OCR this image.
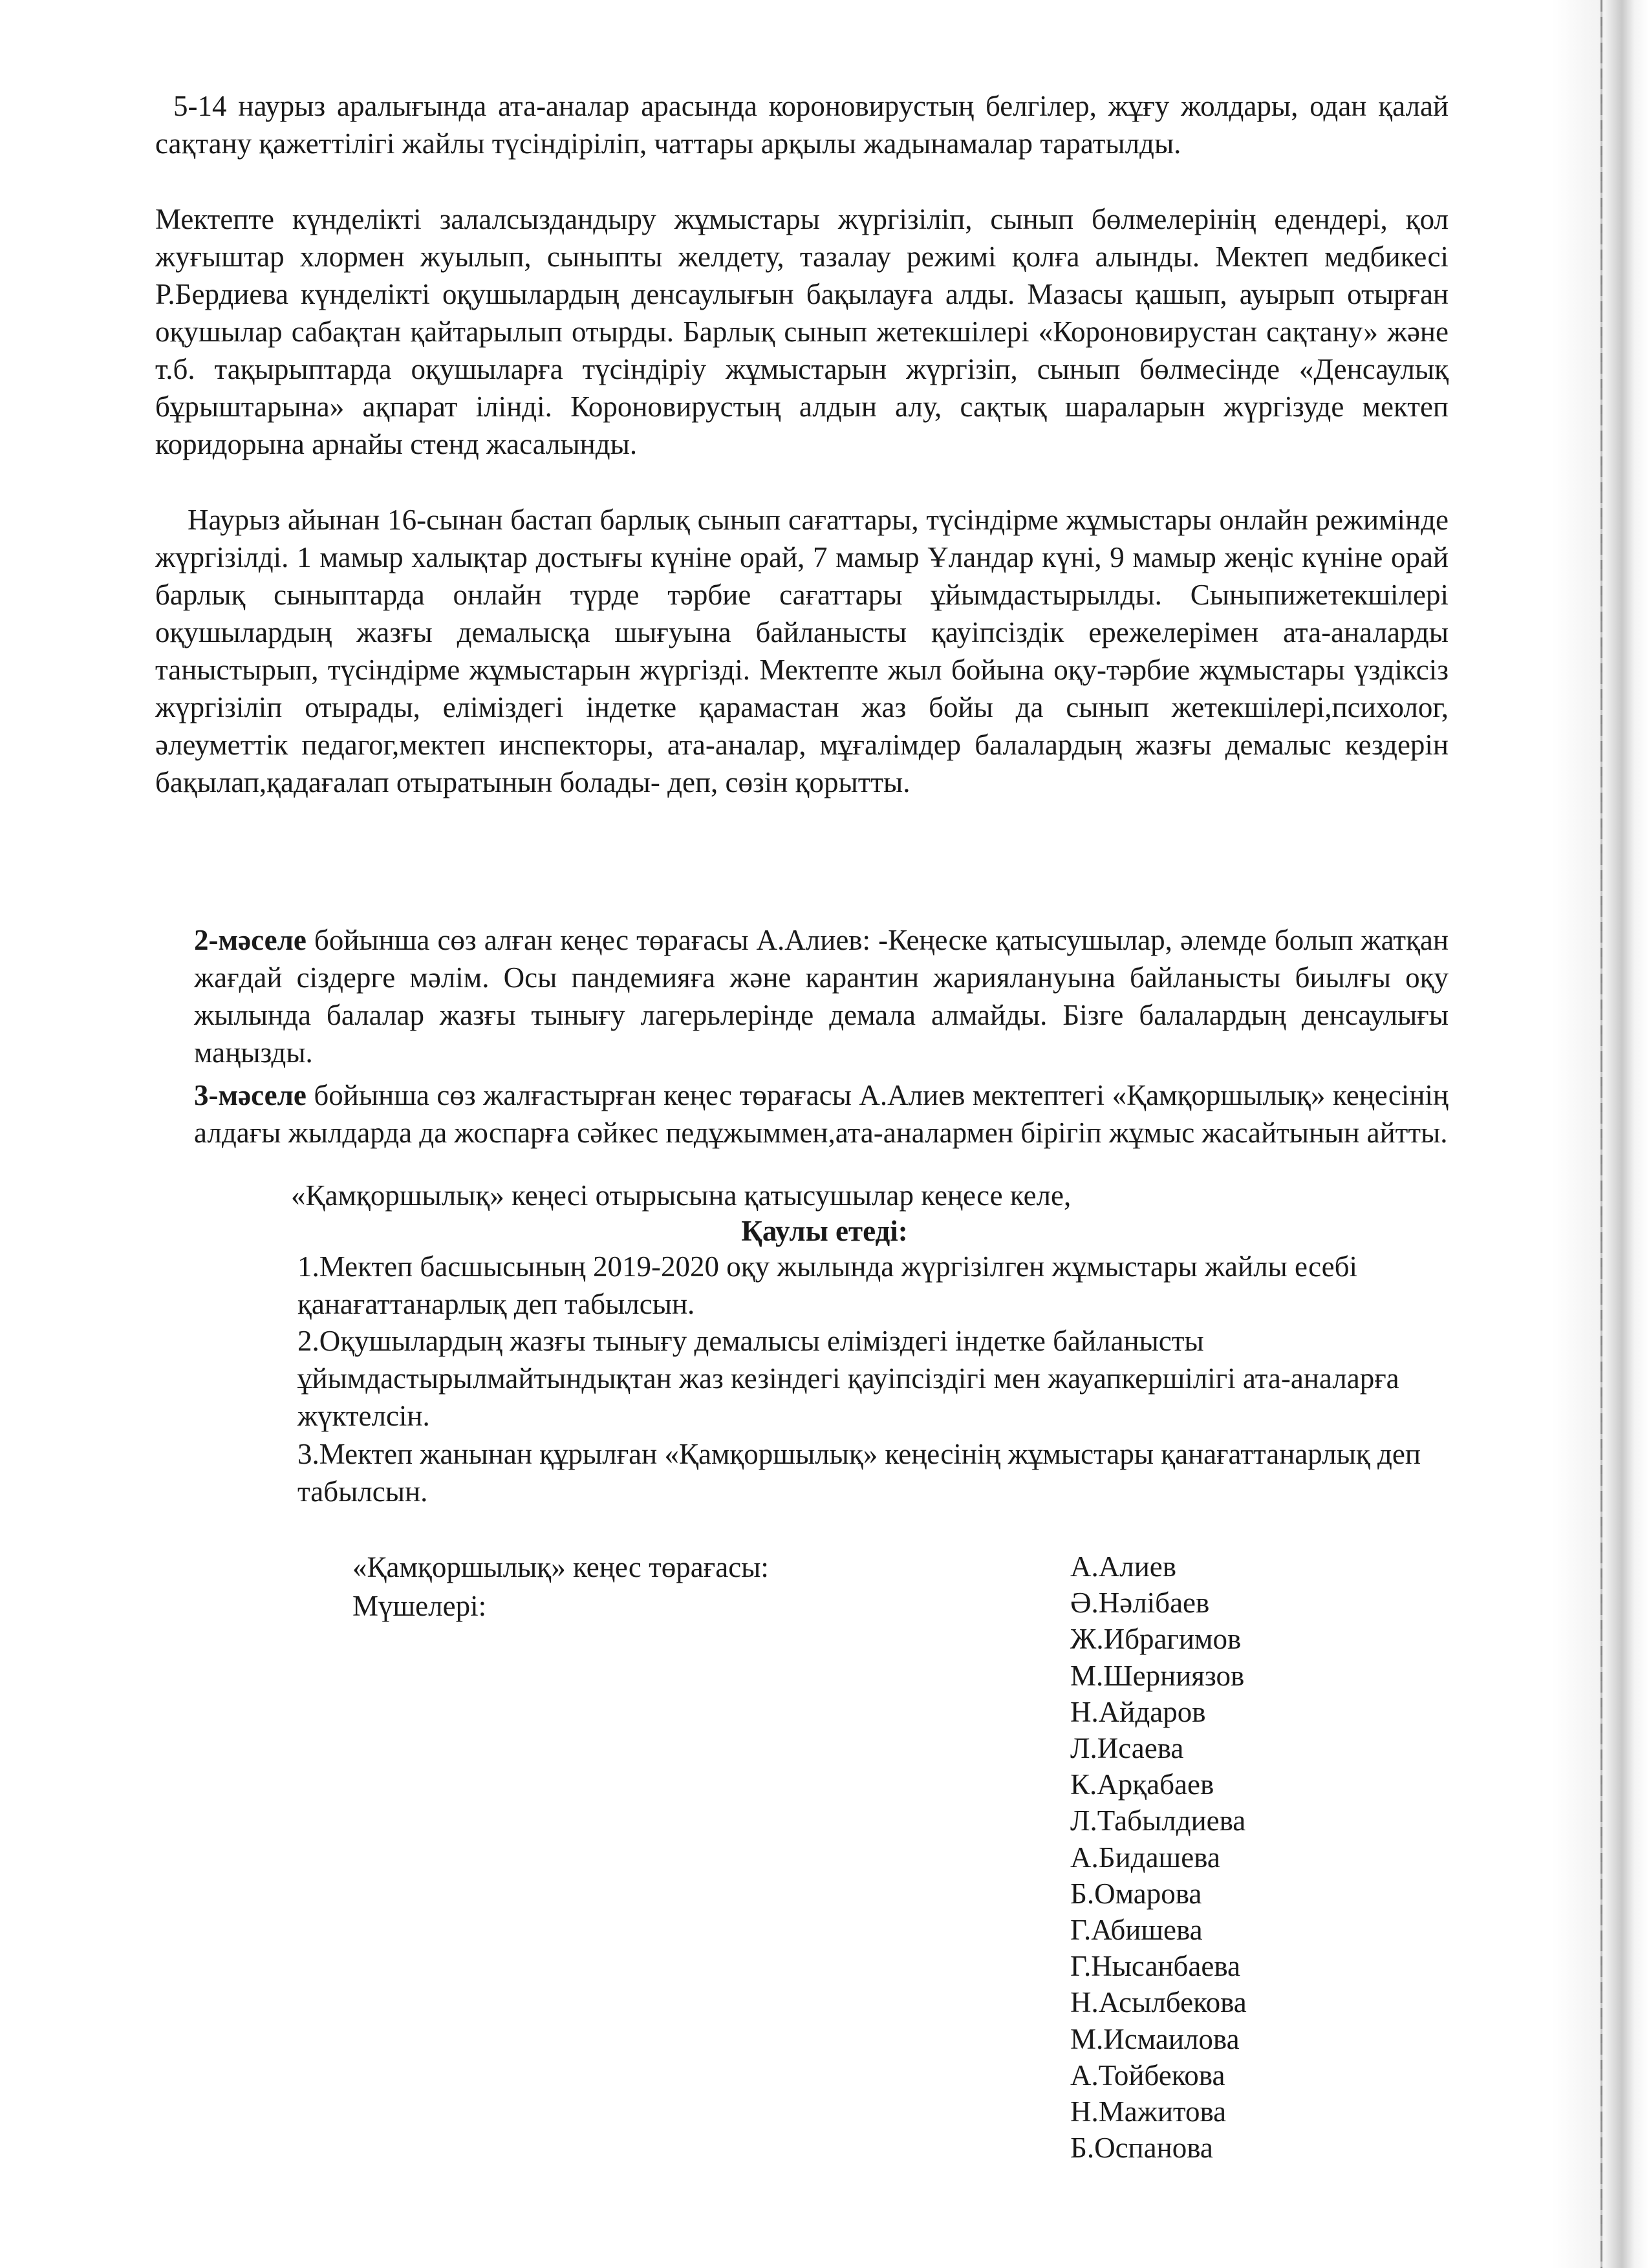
5-14 наурыз аралығында ата-аналар арасында короновирустың белгілер, жұғу жолдары, одан қалай сақтану қажеттілігі жайлы түсіндіріліп, чаттары арқылы жадынамалар таратылды.

Мектепте күнделікті залалсыздандыру жұмыстары жүргізіліп, сынып бөлмелерінің едендері, қол жуғыштар хлормен жуылып, сыныпты желдету, тазалау режимі қолға алынды. Мектеп медбикесі Р.Бердиева күнделікті оқушылардың денсаулығын бақылауға алды. Мазасы қашып, ауырып отырған оқушылар сабақтан қайтарылып отырды. Барлық сынып жетекшілері «Короновирустан сақтану» және т.б. тақырыптарда оқушыларға түсіндіріу жұмыстарын жүргізіп, сынып бөлмесінде «Денсаулық бұрыштарына» ақпарат ілінді. Короновирустың алдын алу, сақтық шараларын жүргізуде мектеп коридорына арнайы стенд жасалынды.

Наурыз айынан 16-сынан бастап барлық сынып сағаттары, түсіндірме жұмыстары онлайн режимінде жүргізілді. 1 мамыр халықтар достығы күніне орай, 7 мамыр Ұландар күні, 9 мамыр жеңіс күніне орай барлық сыныптарда онлайн түрде тәрбие сағаттары ұйымдастырылды. Сыныпижетекшілері оқушылардың жазғы демалысқа шығуына байланысты қауіпсіздік ережелерімен ата-аналарды таныстырып, түсіндірме жұмыстарын жүргізді. Мектепте жыл бойына оқу-тәрбие жұмыстары үздіксіз жүргізіліп отырады, еліміздегі індетке қарамастан жаз бойы да сынып жетекшілері,психолог, әлеуметтік педагог,мектеп инспекторы, ата-аналар, мұғалімдер балалардың жазғы демалыс кездерін бақылап,қадағалап отыратынын болады- деп, сөзін қорытты.

2-мәселе бойынша сөз алған кеңес төрағасы А.Алиев: -Кеңеске қатысушылар, әлемде болып жатқан жағдай сіздерге мәлім. Осы пандемияға және карантин жариялануына байланысты биылғы оқу жылында балалар жазғы тынығу лагерьлерінде демала алмайды. Бізге балалардың денсаулығы маңызды.

3-мәселе бойынша сөз жалғастырған кеңес төрағасы А.Алиев мектептегі «Қамқоршылық» кеңесінің алдағы жылдарда да жоспарға сәйкес педұжыммен,ата-аналармен бірігіп жұмыс жасайтынын айтты.

«Қамқоршылық» кеңесі отырысына қатысушылар кеңесе келе,

Қаулы етеді:

1.Мектеп басшысының 2019-2020 оқу жылында жүргізілген жұмыстары жайлы есебі қанағаттанарлық деп табылсын.

2.Оқушылардың жазғы тынығу демалысы еліміздегі індетке байланысты ұйымдастырылмайтындықтан жаз кезіндегі қауіпсіздігі мен жауапкершілігі ата-аналарға жүктелсін.

3.Мектеп жанынан құрылған «Қамқоршылық» кеңесінің жұмыстары қанағаттанарлық деп табылсын.

«Қамқоршылық» кеңес төрағасы:

Мүшелері:

А.Алиев
Ә.Нәлібаев
Ж.Ибрагимов
М.Шерниязов
Н.Айдаров
Л.Исаева
К.Арқабаев
Л.Табылдиева
А.Бидашева
Б.Омарова
Г.Абишева
Г.Нысанбаева
Н.Асылбекова
М.Исмаилова
А.Тойбекова
Н.Мажитова
Б.Оспанова
